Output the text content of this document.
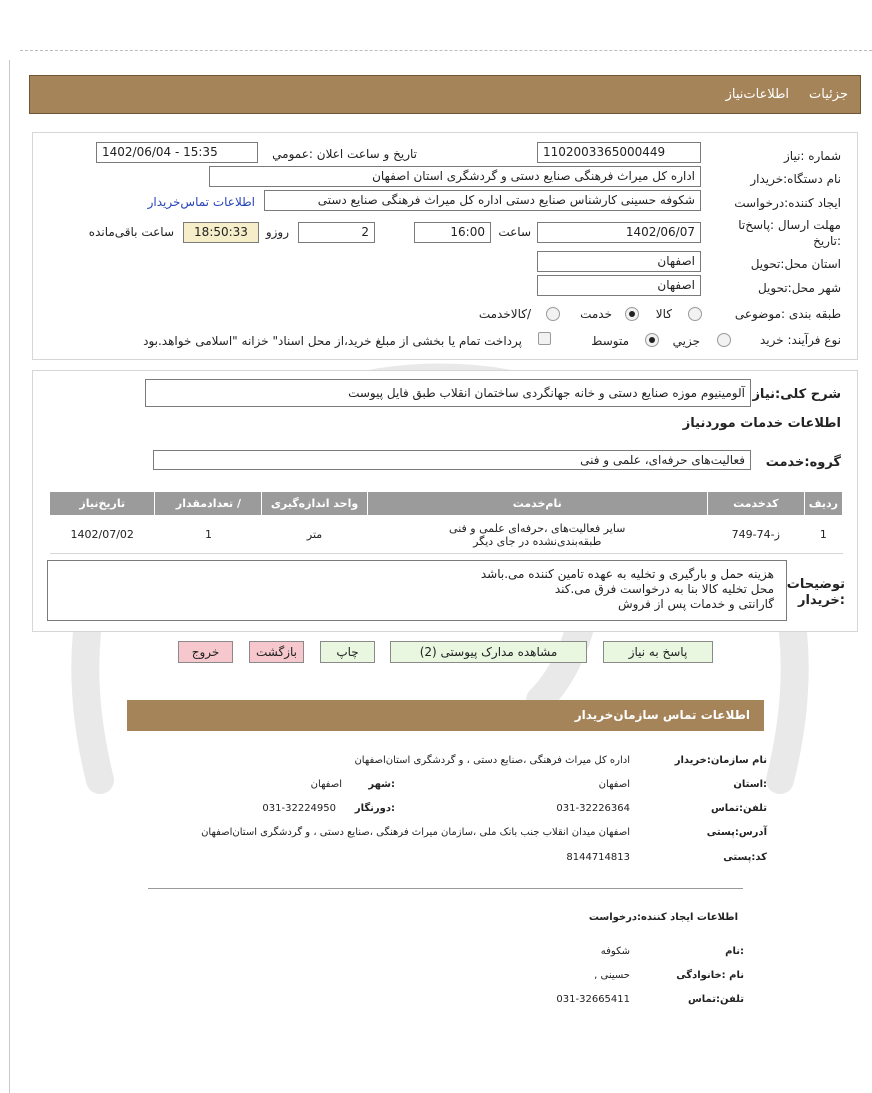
جزئیات
اطلاعات‌نیاز
شماره :نیاز
1102003365000449
تاریخ و ساعت اعلان :عمومي
1402/06/04 - 15:35
نام دستگاه:خریدار
اداره کل میراث فرهنگی صنایع دستی و گردشگری استان اصفهان
ایجاد کننده:درخواست
شکوفه حسینی کارشناس صنایع دستی اداره کل میراث فرهنگی صنایع دستی
اطلاعات تماس‌خریدار
مهلت ارسال :پاسخ‌تا
:تاریخ
1402/06/07
ساعت
16:00
2
روزو
18:50:33
ساعت باقی‌مانده
استان محل:تحویل
اصفهان
شهر محل:تحویل
اصفهان
طبقه بندی :موضوعی
کالا
خدمت
/کالاخدمت
نوع فرآیند: خرید
جزیي
متوسط
پرداخت تمام یا بخشی از مبلغ خرید،از محل اسناد" خزانه "اسلامی خواهد.بود
شرح کلی:نیاز
آلومینیوم موزه صنایع دستی و خانه جهانگردی ساختمان انقلاب طبق فایل پیوست
اطلاعات خدمات موردنیاز
گروه:خدمت
فعالیت‌های حرفه‌ای، علمی و فنی
ردیف	کدخدمت	نام‌خدمت	واحد اندازه‌گیری	/ تعدادمقدار	تاریخ‌نیاز
1	ز-74-749	سایر فعالیت‌های ،حرفه‌ای علمی و فنی
طبقه‌بندی‌نشده در جای دیگر	متر	1	1402/07/02
توضیحات
:خریدار
هزینه حمل و بارگیری و تخلیه به عهده تامین کننده می.باشد
محل تخلیه کالا بنا به درخواست فرق می.کند
گارانتی و خدمات پس از فروش
پاسخ به نیاز
مشاهده مدارک پیوستی (2)
چاپ
بازگشت
خروج
اطلاعات تماس سازمان‌خریدار
نام سازمان:خریدار
اداره کل میراث فرهنگی ،صنایع دستی ، و گردشگری استان‌اصفهان
:استان
اصفهان
:شهر
اصفهان
تلفن:تماس
031-32226364
:دورنگار
031-32224950
آدرس:پستی
اصفهان میدان انقلاب جنب بانک ملی ،سازمان میراث فرهنگی ،صنایع دستی ، و گردشگری استان‌اصفهان
کد:پستی
8144714813
اطلاعات ایجاد کننده:درخواست
:نام
شکوفه
نام :خانوادگی
حسینی ,
تلفن:تماس
031-32665411
